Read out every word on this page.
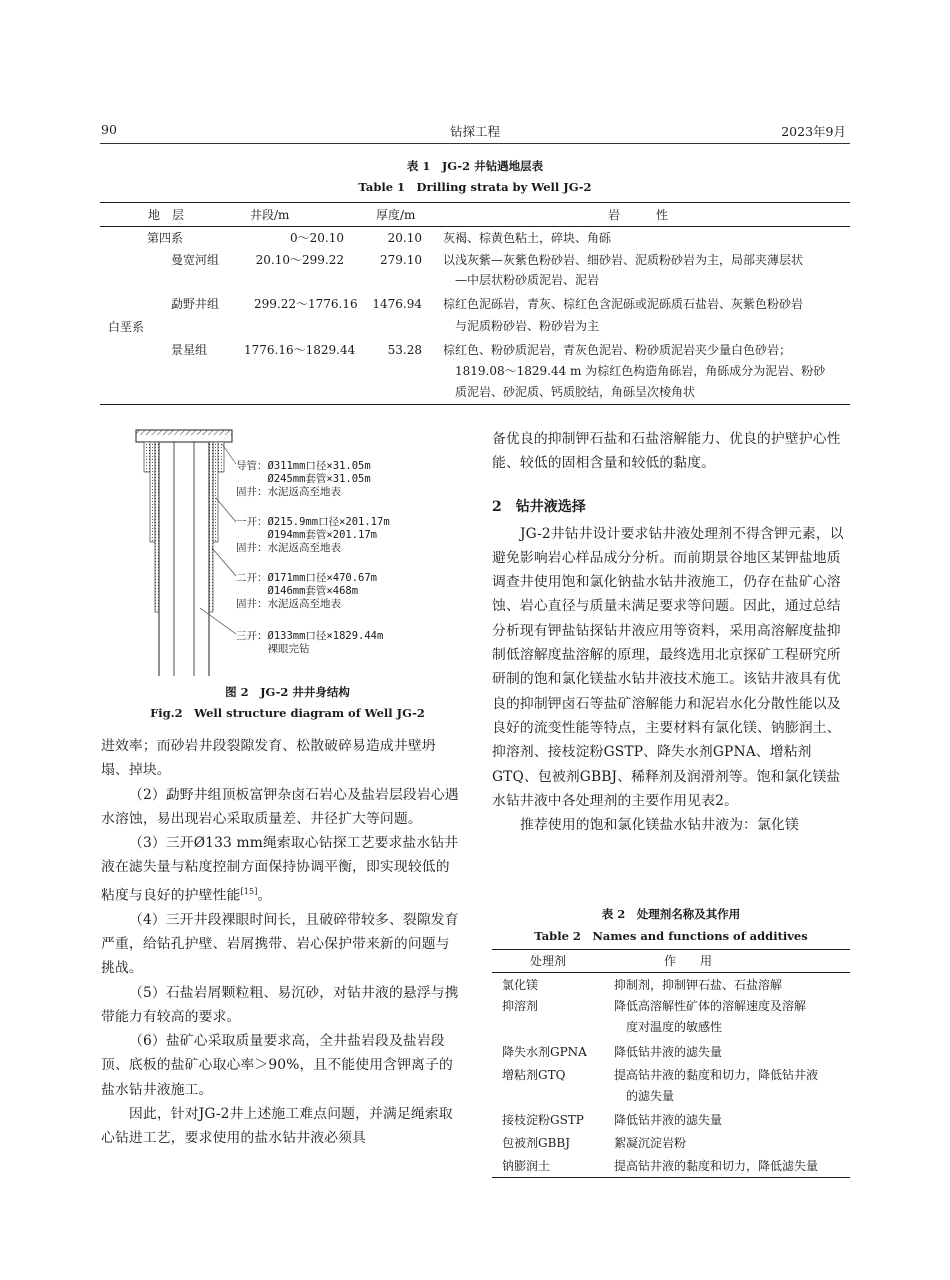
90	钻探工程	2023年9月
表 1　JG-2 井钻遇地层表
Table 1　Drilling strata by Well JG-2
地　层	井段/m	厚度/m	岩　　　性
白垩系
第四系	0～20.10	20.10 灰褐、棕黄色粘土，碎块、角砾
曼宽河组	20.10～299.22	279.10 以浅灰紫—灰紫色粉砂岩、细砂岩、泥质粉砂岩为主，局部夹薄层状
—中层状粉砂质泥岩、泥岩
勐野井组	299.22～1776.16	1476.94 棕红色泥砾岩，青灰、棕红色含泥砾或泥砾质石盐岩、灰紫色粉砂岩
与泥质粉砂岩、粉砂岩为主
景星组	1776.16～1829.44	53.28 棕红色、粉砂质泥岩，青灰色泥岩、粉砂质泥岩夹少量白色砂岩；
1819.08～1829.44 m 为棕红色构造角砾岩，角砾成分为泥岩、粉砂
质泥岩、砂泥质、钙质胶结，角砾呈次棱角状
导管：Ø311mm口径×31.05m
　　　Ø245mm套管×31.05m
固井：水泥返高至地表
一开：Ø215.9mm口径×201.17m
　　　Ø194mm套管×201.17m
固井：水泥返高至地表
二开：Ø171mm口径×470.67m
　　　Ø146mm套管×468m
固井：水泥返高至地表
三开：Ø133mm口径×1829.44m
　　　裸眼完钻
图 2　JG-2 井井身结构
Fig.2　Well structure diagram of Well JG-2
进效率；而砂岩井段裂隙发育、松散破碎易造成井壁坍塌、掉块。
（2）勐野井组顶板富钾杂卤石岩心及盐岩层段岩心遇水溶蚀，易出现岩心采取质量差、井径扩大等问题。
（3）三开Ø133 mm绳索取心钻探工艺要求盐水钻井液在滤失量与粘度控制方面保持协调平衡，即实现较低的粘度与良好的护壁性能[15]。
（4）三开井段裸眼时间长，且破碎带较多、裂隙发育严重，给钻孔护壁、岩屑携带、岩心保护带来新的问题与挑战。
（5）石盐岩屑颗粒粗、易沉砂，对钻井液的悬浮与携带能力有较高的要求。
（6）盐矿心采取质量要求高，全井盐岩段及盐岩段顶、底板的盐矿心取心率＞90%，且不能使用含钾离子的盐水钻井液施工。
因此，针对JG-2井上述施工难点问题，并满足绳索取心钻进工艺，要求使用的盐水钻井液必须具
备优良的抑制钾石盐和石盐溶解能力、优良的护壁护心性能、较低的固相含量和较低的黏度。
2　钻井液选择
JG-2井钻井设计要求钻井液处理剂不得含钾元素，以避免影响岩心样品成分分析。而前期景谷地区某钾盐地质调查井使用饱和氯化钠盐水钻井液施工，仍存在盐矿心溶蚀、岩心直径与质量未满足要求等问题。因此，通过总结分析现有钾盐钻探钻井液应用等资料，采用高溶解度盐抑制低溶解度盐溶解的原理，最终选用北京探矿工程研究所研制的饱和氯化镁盐水钻井液技术施工。该钻井液具有优良的抑制钾卤石等盐矿溶解能力和泥岩水化分散性能以及良好的流变性能等特点，主要材料有氯化镁、钠膨润土、抑溶剂、接枝淀粉GSTP、降失水剂GPNA、增粘剂GTQ、包被剂GBBJ、稀释剂及润滑剂等。饱和氯化镁盐水钻井液中各处理剂的主要作用见表2。
推荐使用的饱和氯化镁盐水钻井液为：氯化镁
表 2　处理剂名称及其作用
Table 2　Names and functions of additives
处理剂	作　　用
氯化镁	抑制剂，抑制钾石盐、石盐溶解
抑溶剂	降低高溶解性矿体的溶解速度及溶解
度对温度的敏感性
降失水剂GPNA 降低钻井液的滤失量
增粘剂GTQ	提高钻井液的黏度和切力，降低钻井液
的滤失量
接枝淀粉GSTP	降低钻井液的滤失量
包被剂GBBJ	絮凝沉淀岩粉
钠膨润土	提高钻井液的黏度和切力，降低滤失量
